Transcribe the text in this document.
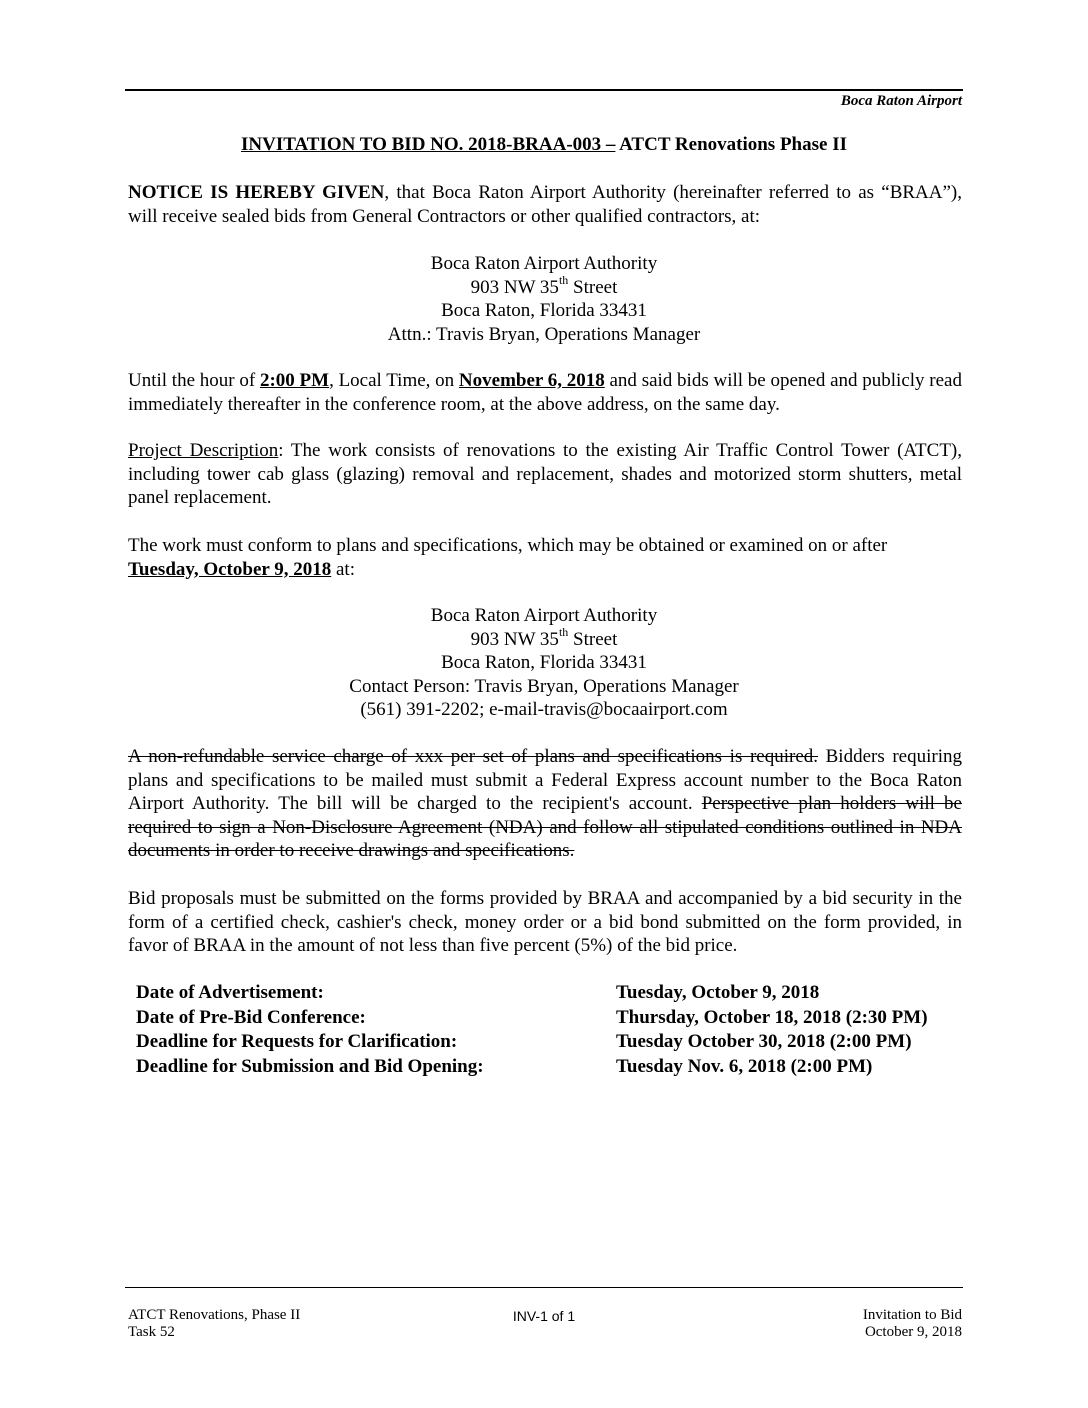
Boca Raton Airport
INVITATION TO BID NO. 2018-BRAA-003 – ATCT Renovations Phase II
NOTICE IS HEREBY GIVEN, that Boca Raton Airport Authority (hereinafter referred to as “BRAA”), will receive sealed bids from General Contractors or other qualified contractors, at:
Boca Raton Airport Authority
903 NW 35th Street
Boca Raton, Florida 33431
Attn.: Travis Bryan, Operations Manager
Until the hour of 2:00 PM, Local Time, on November 6, 2018 and said bids will be opened and publicly read immediately thereafter in the conference room, at the above address, on the same day.
Project Description: The work consists of renovations to the existing Air Traffic Control Tower (ATCT), including tower cab glass (glazing) removal and replacement, shades and motorized storm shutters, metal panel replacement.
The work must conform to plans and specifications, which may be obtained or examined on or after Tuesday, October 9, 2018 at:
Boca Raton Airport Authority
903 NW 35th Street
Boca Raton, Florida 33431
Contact Person: Travis Bryan, Operations Manager
(561) 391-2202; e-mail-travis@bocaairport.com
A non-refundable service charge of xxx per set of plans and specifications is required. Bidders requiring plans and specifications to be mailed must submit a Federal Express account number to the Boca Raton Airport Authority. The bill will be charged to the recipient's account. Perspective plan holders will be required to sign a Non-Disclosure Agreement (NDA) and follow all stipulated conditions outlined in NDA documents in order to receive drawings and specifications.
Bid proposals must be submitted on the forms provided by BRAA and accompanied by a bid security in the form of a certified check, cashier's check, money order or a bid bond submitted on the form provided, in favor of BRAA in the amount of not less than five percent (5%) of the bid price.
Date of Advertisement:	Tuesday, October 9, 2018
Date of Pre-Bid Conference:	Thursday, October 18, 2018 (2:30 PM)
Deadline for Requests for Clarification:	Tuesday October 30, 2018 (2:00 PM)
Deadline for Submission and Bid Opening:	Tuesday Nov. 6, 2018 (2:00 PM)
ATCT Renovations, Phase II
Task 52
INV-1 of 1	Invitation to Bid
October 9, 2018
